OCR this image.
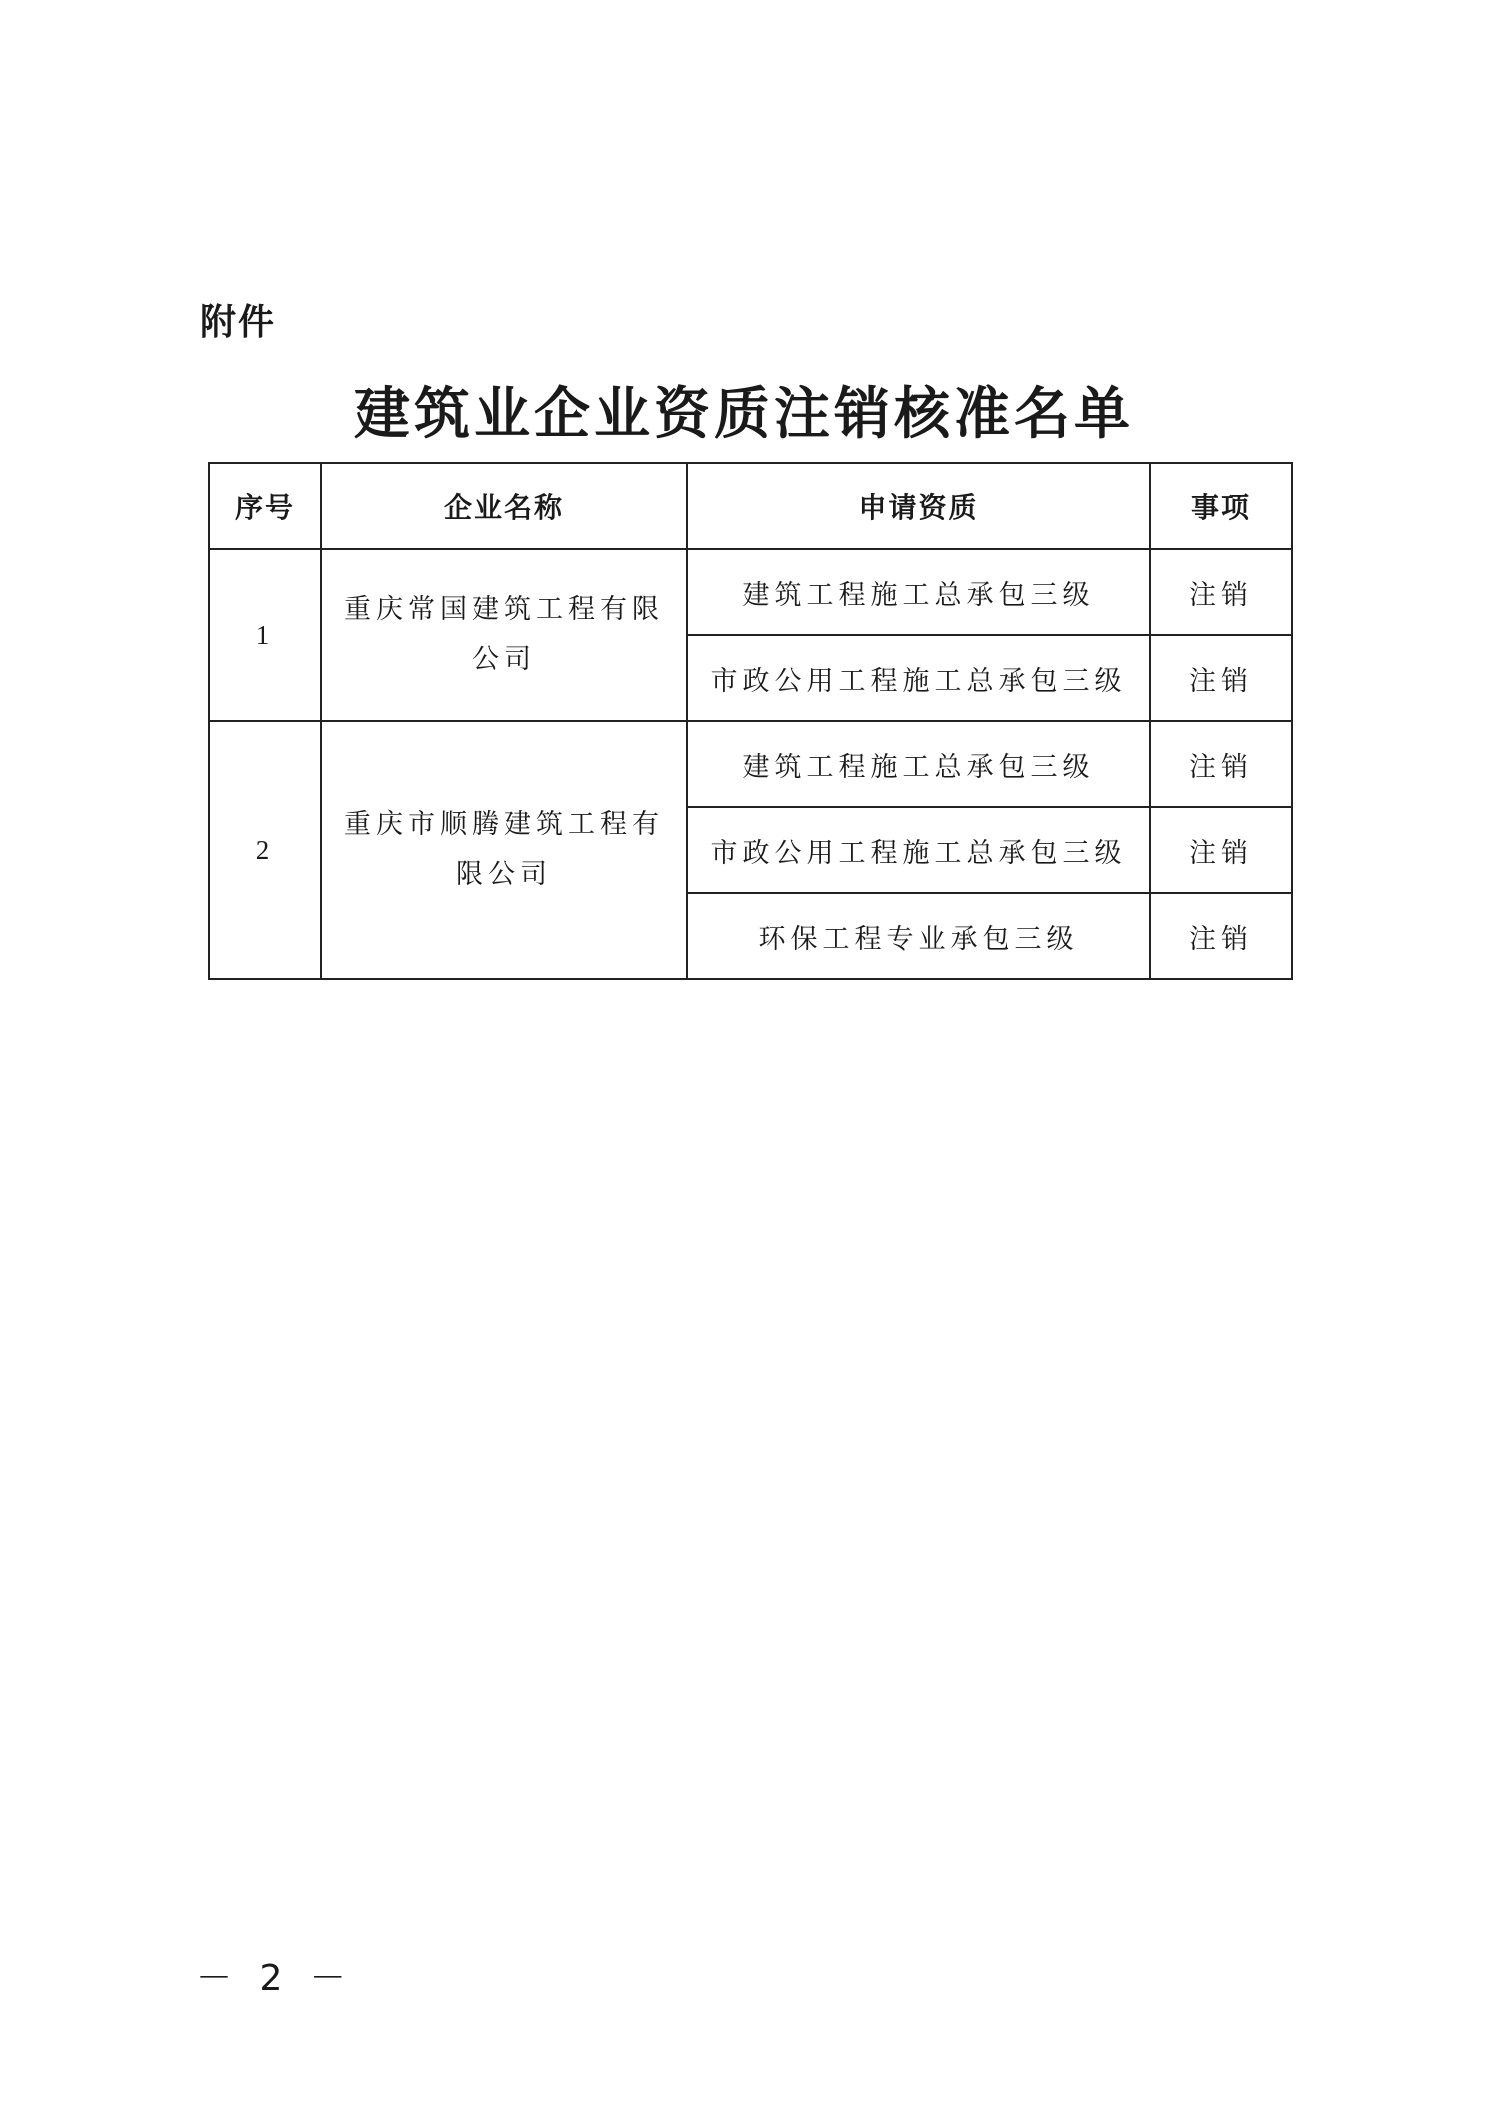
附件
建筑业企业资质注销核准名单
序号	企业名称	申请资质	事项
1	重庆常国建筑工程有限公司	建筑工程施工总承包三级	注销
		市政公用工程施工总承包三级	注销
2	重庆市顺腾建筑工程有限公司	建筑工程施工总承包三级	注销
		市政公用工程施工总承包三级	注销
		环保工程专业承包三级	注销
－ 2 －
